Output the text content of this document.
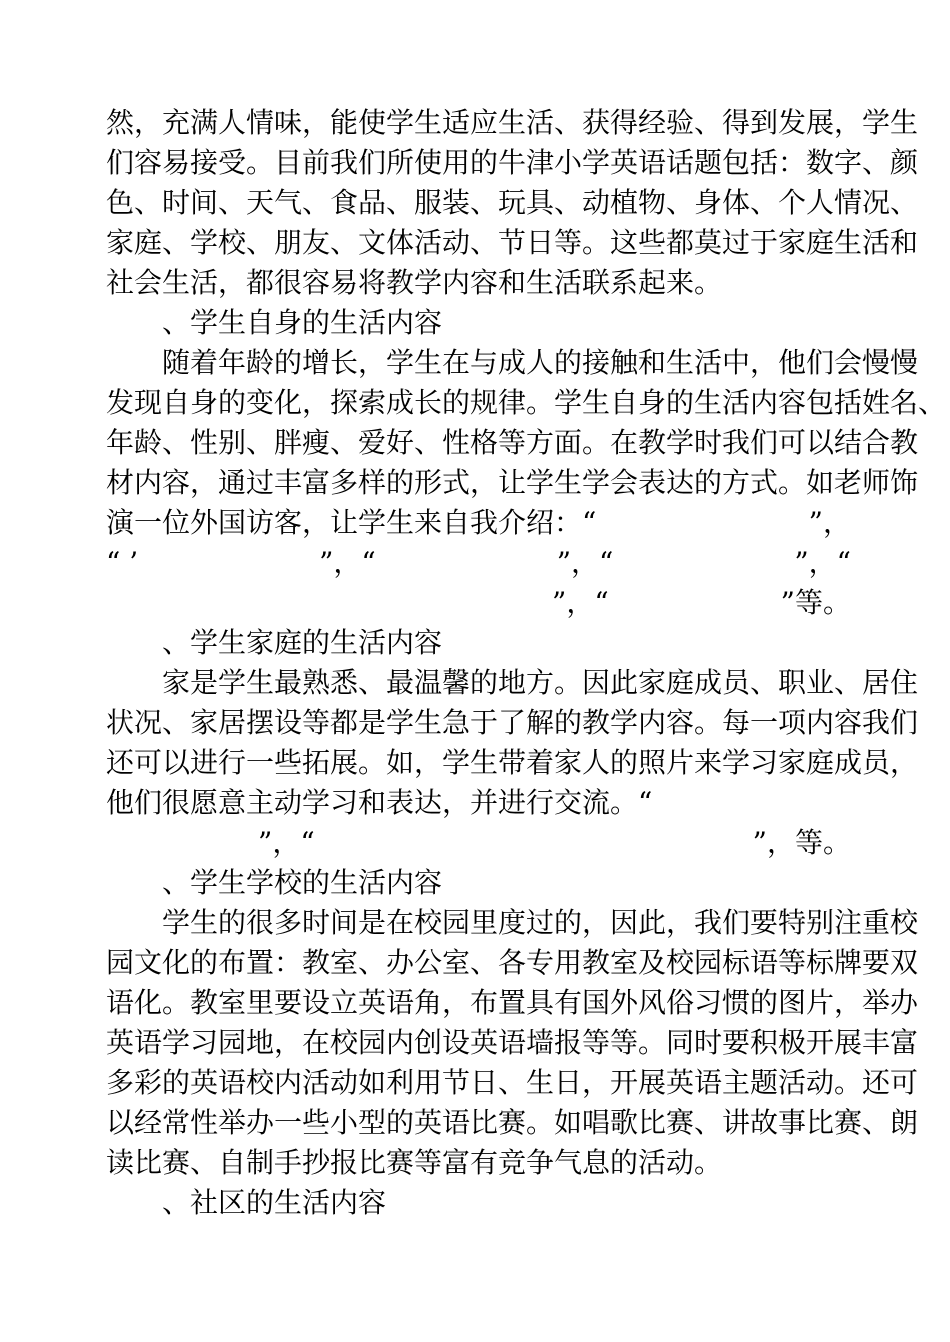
然，充满人情味，能使学生适应生活、获得经验、得到发展，学生
们容易接受。目前我们所使用的牛津小学英语话题包括：数字、颜
色、时间、天气、食品、服装、玩具、动植物、身体、个人情况、
家庭、学校、朋友、文体活动、节日等。这些都莫过于家庭生活和
社会生活，都很容易将教学内容和生活联系起来。
、学生自身的生活内容
随着年龄的增长，学生在与成人的接触和生活中，他们会慢慢
发现自身的变化，探索成长的规律。学生自身的生活内容包括姓名、
年龄、性别、胖瘦、爱好、性格等方面。在教学时我们可以结合教
材内容，通过丰富多样的形式，让学生学会表达的方式。如老师饰
演一位外国访客，让学生来自我介绍：“	”，
“ ’	”，“	”，“	”，“
”，“	”等。
、学生家庭的生活内容
家是学生最熟悉、最温馨的地方。因此家庭成员、职业、居住
状况、家居摆设等都是学生急于了解的教学内容。每一项内容我们
还可以进行一些拓展。如，学生带着家人的照片来学习家庭成员，
他们很愿意主动学习和表达，并进行交流。“
”，“	”，等。
、学生学校的生活内容
学生的很多时间是在校园里度过的，因此，我们要特别注重校
园文化的布置：教室、办公室、各专用教室及校园标语等标牌要双
语化。教室里要设立英语角，布置具有国外风俗习惯的图片，举办
英语学习园地，在校园内创设英语墙报等等。同时要积极开展丰富
多彩的英语校内活动如利用节日、生日，开展英语主题活动。还可
以经常性举办一些小型的英语比赛。如唱歌比赛、讲故事比赛、朗
读比赛、自制手抄报比赛等富有竞争气息的活动。
、社区的生活内容
